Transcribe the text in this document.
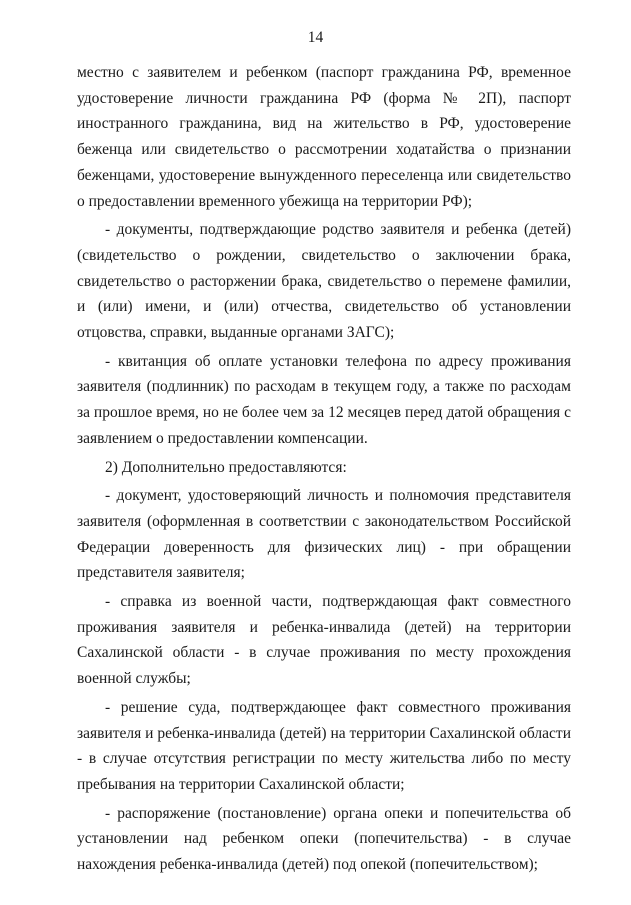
14

местно с заявителем и ребенком (паспорт гражданина РФ, временное удостоверение личности гражданина РФ (форма № 2П), паспорт иностранного гражданина, вид на жительство в РФ, удостоверение беженца или свидетельство о рассмотрении ходатайства о признании беженцами, удостоверение вынужденного переселенца или свидетельство о предоставлении временного убежища на территории РФ);

- документы, подтверждающие родство заявителя и ребенка (детей) (свидетельство о рождении, свидетельство о заключении брака, свидетельство о расторжении брака, свидетельство о перемене фамилии, и (или) имени, и (или) отчества, свидетельство об установлении отцовства, справки, выданные органами ЗАГС);

- квитанция об оплате установки телефона по адресу проживания заявителя (подлинник) по расходам в текущем году, а также по расходам за прошлое время, но не более чем за 12 месяцев перед датой обращения с заявлением о предоставлении компенсации.

2) Дополнительно предоставляются:

- документ, удостоверяющий личность и полномочия представителя заявителя (оформленная в соответствии с законодательством Российской Федерации доверенность для физических лиц) - при обращении представителя заявителя;

- справка из военной части, подтверждающая факт совместного проживания заявителя и ребенка-инвалида (детей) на территории Сахалинской области - в случае проживания по месту прохождения военной службы;

- решение суда, подтверждающее факт совместного проживания заявителя и ребенка-инвалида (детей) на территории Сахалинской области - в случае отсутствия регистрации по месту жительства либо по месту пребывания на территории Сахалинской области;

- распоряжение (постановление) органа опеки и попечительства об установлении над ребенком опеки (попечительства) - в случае нахождения ребенка-инвалида (детей) под опекой (попечительством);
